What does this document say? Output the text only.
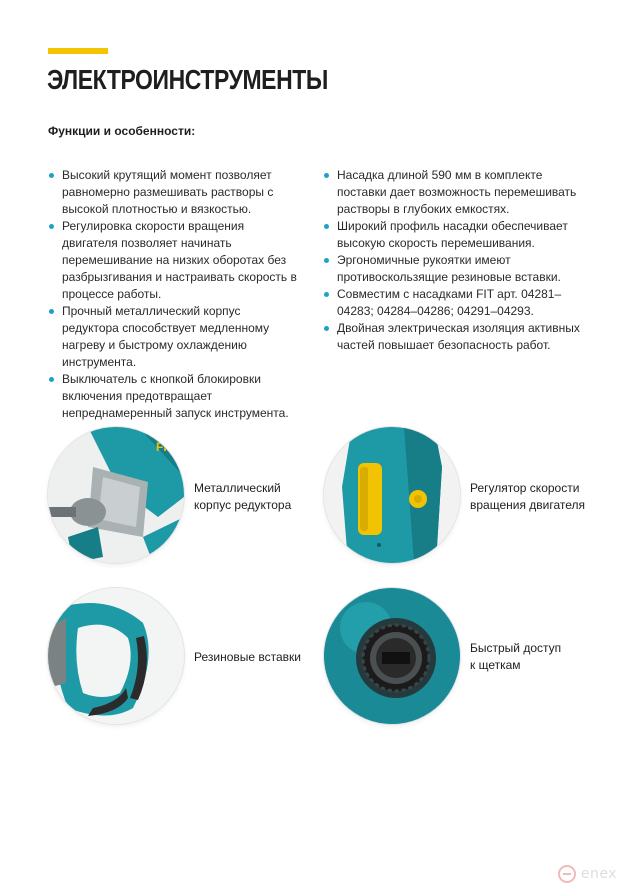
ЭЛЕКТРОИНСТРУМЕНТЫ
Функции и особенности:
Высокий крутящий момент позволяет равномерно размешивать растворы с высокой плотностью и вязкостью.
Регулировка скорости вращения двигателя позволяет начинать перемешивание на низких оборотах без разбрызгивания и настраивать скорость в процессе работы.
Прочный металлический корпус редуктора способствует медленному нагреву и быстрому охлаждению инструмента.
Выключатель с кнопкой блокировки включения предотвращает непреднамеренный запуск инструмента.
Насадка длиной 590 мм в комплекте поставки дает возможность перемешивать растворы в глубоких емкостях.
Широкий профиль насадки обеспечивает высокую скорость перемешивания.
Эргономичные рукоятки имеют противоскользящие резиновые вставки.
Совместим с насадками FIT арт. 04281–04283; 04284–04286; 04291–04293.
Двойная электрическая изоляция активных частей повышает безопасность работ.
FIT
Металлический
корпус редуктора
Регулятор скорости
вращения двигателя
Резиновые вставки
Быстрый доступ
к щеткам
enex
